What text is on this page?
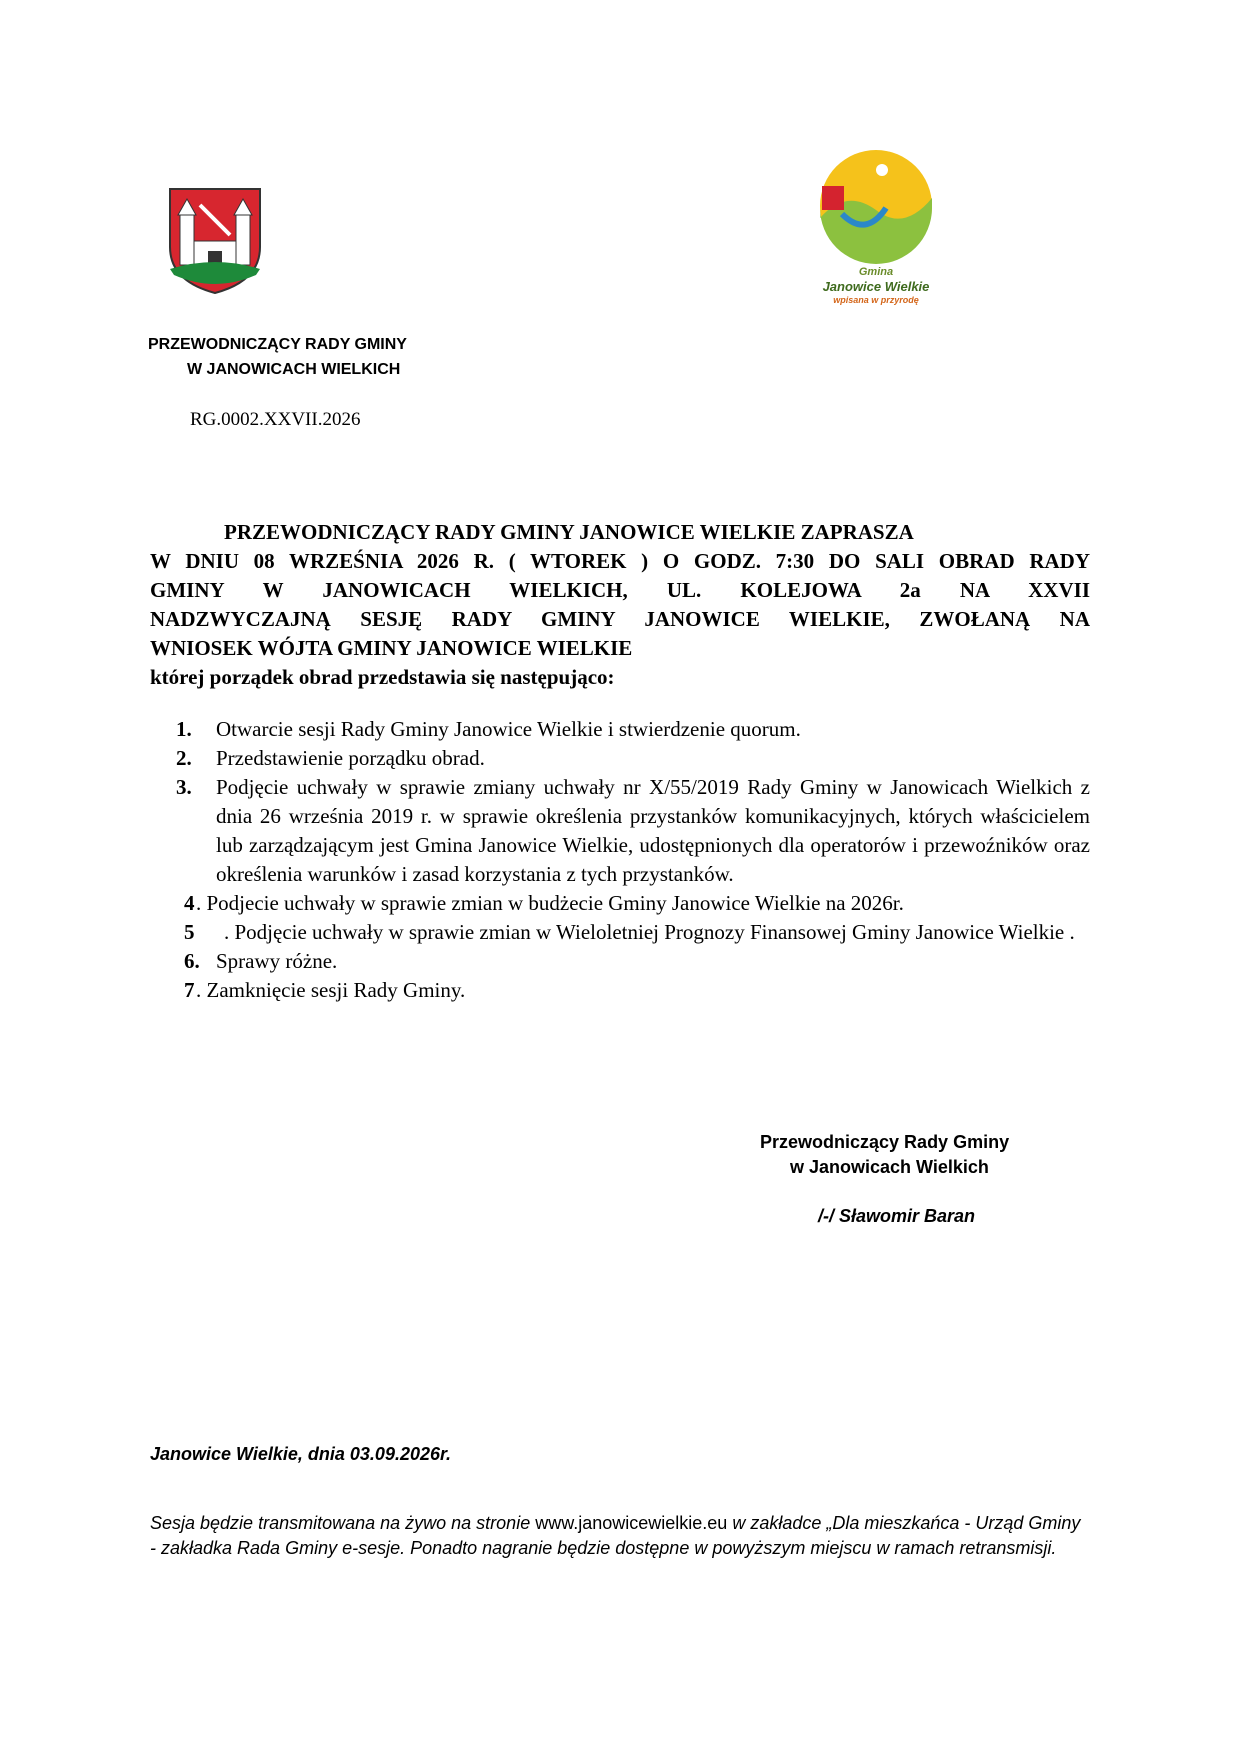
Gmina
Janowice Wielkie
wpisana w przyrodę
PRZEWODNICZĄCY RADY GMINY
W JANOWICACH WIELKICH
RG.0002.XXVII.2026
PRZEWODNICZĄCY RADY GMINY JANOWICE WIELKIE ZAPRASZA
W DNIU 08 WRZEŚNIA 2026 R. ( WTOREK ) O GODZ. 7:30 DO SALI OBRAD RADY
GMINY W JANOWICACH WIELKICH, UL. KOLEJOWA 2a NA XXVII
NADZWYCZAJNĄ SESJĘ RADY GMINY JANOWICE WIELKIE, ZWOŁANĄ NA
WNIOSEK WÓJTA GMINY JANOWICE WIELKIE
której porządek obrad przedstawia się następująco:
1. Otwarcie sesji Rady Gminy Janowice Wielkie i stwierdzenie quorum.
2. Przedstawienie porządku obrad.
3. Podjęcie uchwały w sprawie zmiany uchwały nr X/55/2019 Rady Gminy w Janowicach Wielkich z dnia 26 września 2019 r. w sprawie określenia przystanków komunikacyjnych, których właścicielem lub zarządzającym jest Gmina Janowice Wielkie, udostępnionych dla operatorów i przewoźników oraz określenia warunków i zasad korzystania z tych przystanków.
4 . Podjecie uchwały w sprawie zmian w budżecie Gminy Janowice Wielkie na 2026r.
5	. Podjęcie uchwały w sprawie zmian w Wieloletniej Prognozy Finansowej Gminy Janowice Wielkie .
6. Sprawy różne.
7 . Zamknięcie sesji Rady Gminy.
Przewodniczący Rady Gminy
w Janowicach Wielkich
/-/ Sławomir Baran
Janowice Wielkie, dnia 03.09.2026r.
Sesja będzie transmitowana na żywo na stronie www.janowicewielkie.eu w zakładce „Dla mieszkańca - Urząd Gminy - zakładka Rada Gminy e-sesje. Ponadto nagranie będzie dostępne w powyższym miejscu w ramach retransmisji.
